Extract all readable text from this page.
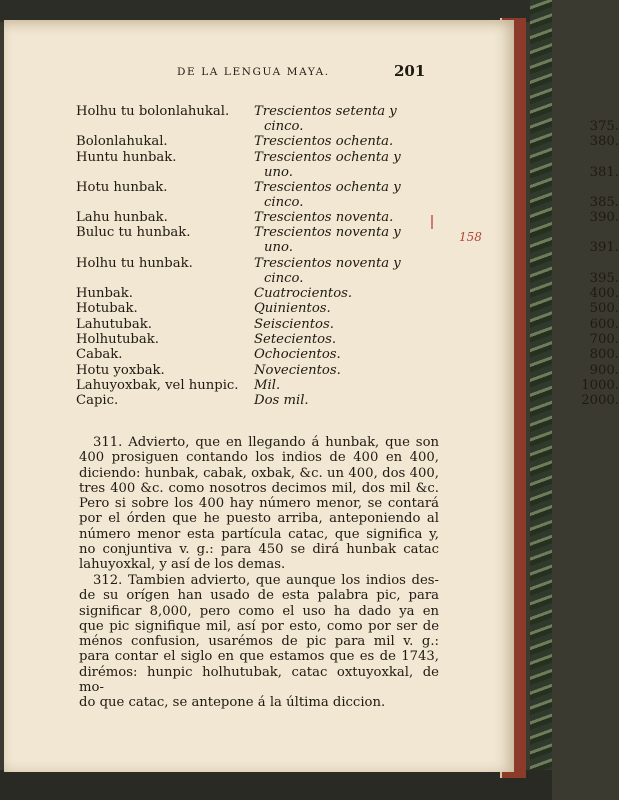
DE LA LENGUA MAYA.	201
Holhu tu bolonlahukal. Trescientos setenta y
cinco.	375.
Bolonlahukal.	Trescientos ochenta.	380.
Huntu hunbak.	Trescientos ochenta y
uno.	381.
Hotu hunbak.	Trescientos ochenta y
cinco.	385.
Lahu hunbak.	Trescientos noventa.	390.
Buluc tu hunbak.	Trescientos noventa y
uno.	391.
Holhu tu hunbak.	Trescientos noventa y
cinco.	395.
Hunbak.	Cuatrocientos.	400.
Hotubak.	Quinientos.	500.
Lahutubak.	Seiscientos.	600.
Holhutubak.	Setecientos.	700.
Cabak.	Ochocientos.	800.
Hotu yoxbak.	Novecientos.	900.
Lahuyoxbak, vel hunpic. Mil.	1000.
Capic.	Dos mil.	2000.
158
311. Advierto, que en llegando á hunbak, que son
400 prosiguen contando los indios de 400 en 400,
diciendo: hunbak, cabak, oxbak, &c. un 400, dos 400,
tres 400 &c. como nosotros decimos mil, dos mil &c.
Pero si sobre los 400 hay número menor, se contará
por el órden que he puesto arriba, anteponiendo al
número menor esta partícula catac, que significa y,
no conjuntiva v. g.: para 450 se dirá hunbak catac
lahuyoxkal, y así de los demas.
312. Tambien advierto, que aunque los indios des-
de su orígen han usado de esta palabra pic, para
significar 8,000, pero como el uso ha dado ya en
que pic signifique mil, así por esto, como por ser de
ménos confusion, usarémos de pic para mil v. g.:
para contar el siglo en que estamos que es de 1743,
dirémos: hunpic holhutubak, catac oxtuyoxkal, de mo-
do que catac, se antepone á la última diccion.
